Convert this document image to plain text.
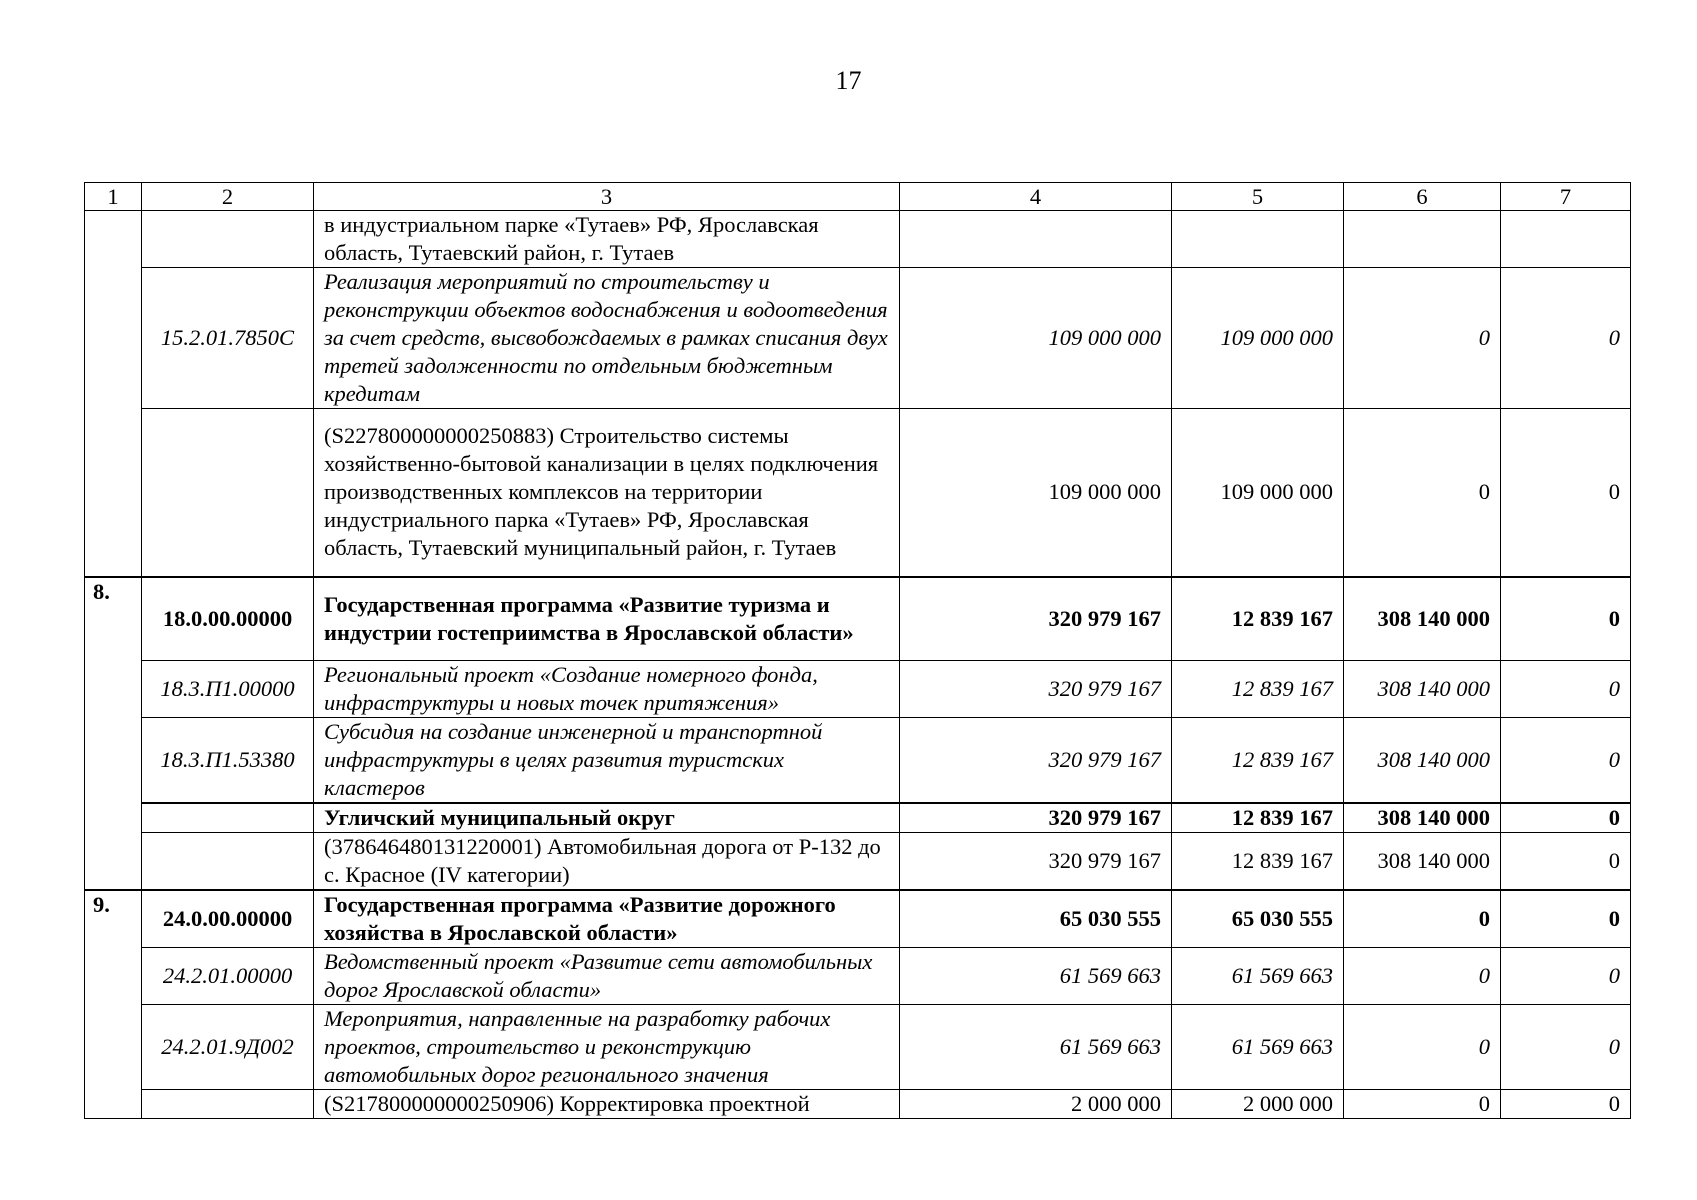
17
1	2	3	4	5	6	7
		в индустриальном парке «Тутаев» РФ, Ярославская область, Тутаевский район, г. Тутаев				
	15.2.01.7850С	Реализация мероприятий по строительству и реконструкции объектов водоснабжения и водоотведения за счет средств, высвобождаемых в рамках списания двух третей задолженности по отдельным бюджетным кредитам	109 000 000	109 000 000	0	0
		(S227800000000250883) Строительство системы хозяйственно-бытовой канализации в целях подключения производственных комплексов на территории индустриального парка «Тутаев» РФ, Ярославская область, Тутаевский муниципальный район, г. Тутаев	109 000 000	109 000 000	0	0
8.	18.0.00.00000	Государственная программа «Развитие туризма и индустрии гостеприимства в Ярославской области»	320 979 167	12 839 167	308 140 000	0
	18.3.П1.00000	Региональный проект «Создание номерного фонда, инфраструктуры и новых точек притяжения»	320 979 167	12 839 167	308 140 000	0
	18.3.П1.53380	Субсидия на создание инженерной и транспортной инфраструктуры в целях развития туристских кластеров	320 979 167	12 839 167	308 140 000	0
		Угличский муниципальный округ	320 979 167	12 839 167	308 140 000	0
		(378646480131220001) Автомобильная дорога от Р-132 до с. Красное (IV категории)	320 979 167	12 839 167	308 140 000	0
9.	24.0.00.00000	Государственная программа «Развитие дорожного хозяйства в Ярославской области»	65 030 555	65 030 555	0	0
	24.2.01.00000	Ведомственный проект «Развитие сети автомобильных дорог Ярославской области»	61 569 663	61 569 663	0	0
	24.2.01.9Д002	Мероприятия, направленные на разработку рабочих проектов, строительство и реконструкцию автомобильных дорог регионального значения	61 569 663	61 569 663	0	0
		(S217800000000250906) Корректировка проектной	2 000 000	2 000 000	0	0
